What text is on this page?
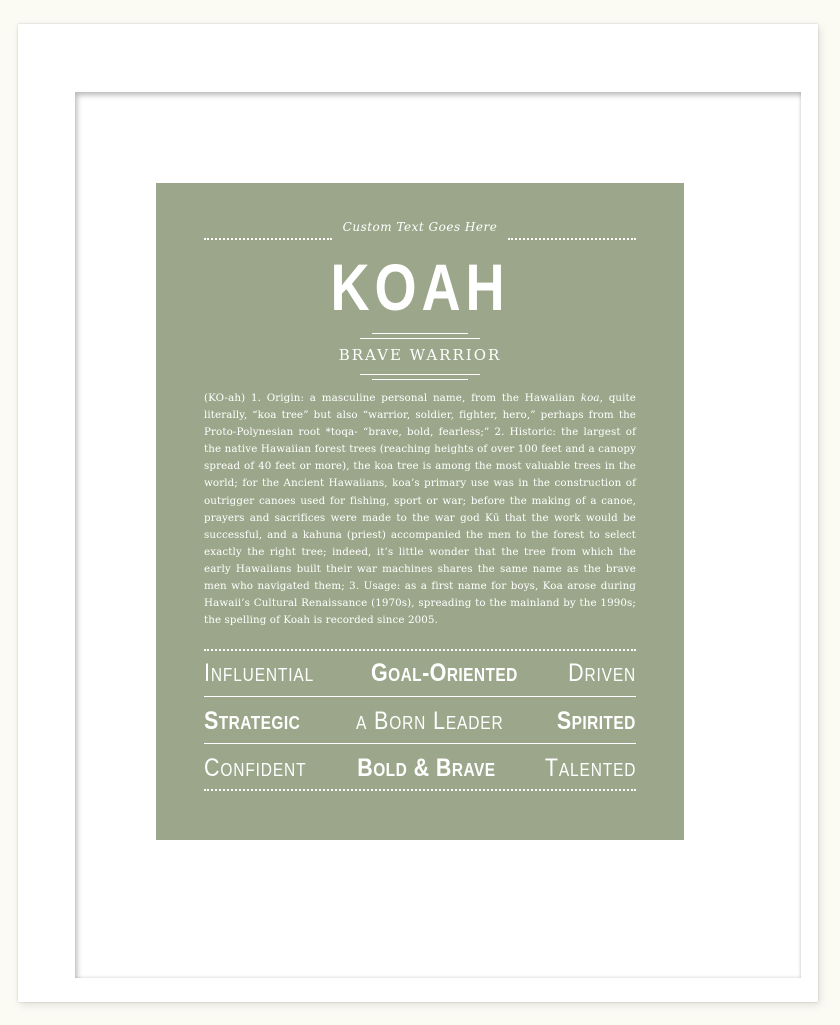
Custom Text Goes Here
KOAH
BRAVE WARRIOR
(KO-ah) 1. Origin: a masculine personal name, from the Hawaiian koa, quite literally, “koa tree” but also “warrior, soldier, fighter, hero,” perhaps from the Proto-Polynesian root *toqa- “brave, bold, fearless;” 2. Historic: the largest of the native Hawaiian forest trees (reaching heights of over 100 feet and a canopy spread of 40 feet or more), the koa tree is among the most valuable trees in the world; for the Ancient Hawaiians, koa’s primary use was in the construction of outrigger canoes used for fishing, sport or war; before the making of a canoe, prayers and sacrifices were made to the war god Kū that the work would be successful, and a kahuna (priest) accompanied the men to the forest to select exactly the right tree; indeed, it’s little wonder that the tree from which the early Hawaiians built their war machines shares the same name as the brave men who navigated them; 3. Usage: as a first name for boys, Koa arose during Hawaii’s Cultural Renaissance (1970s), spreading to the mainland by the 1990s; the spelling of Koah is recorded since 2005.
Influential Goal-Oriented Driven
Strategic a Born Leader Spirited
Confident Bold & Brave Talented
